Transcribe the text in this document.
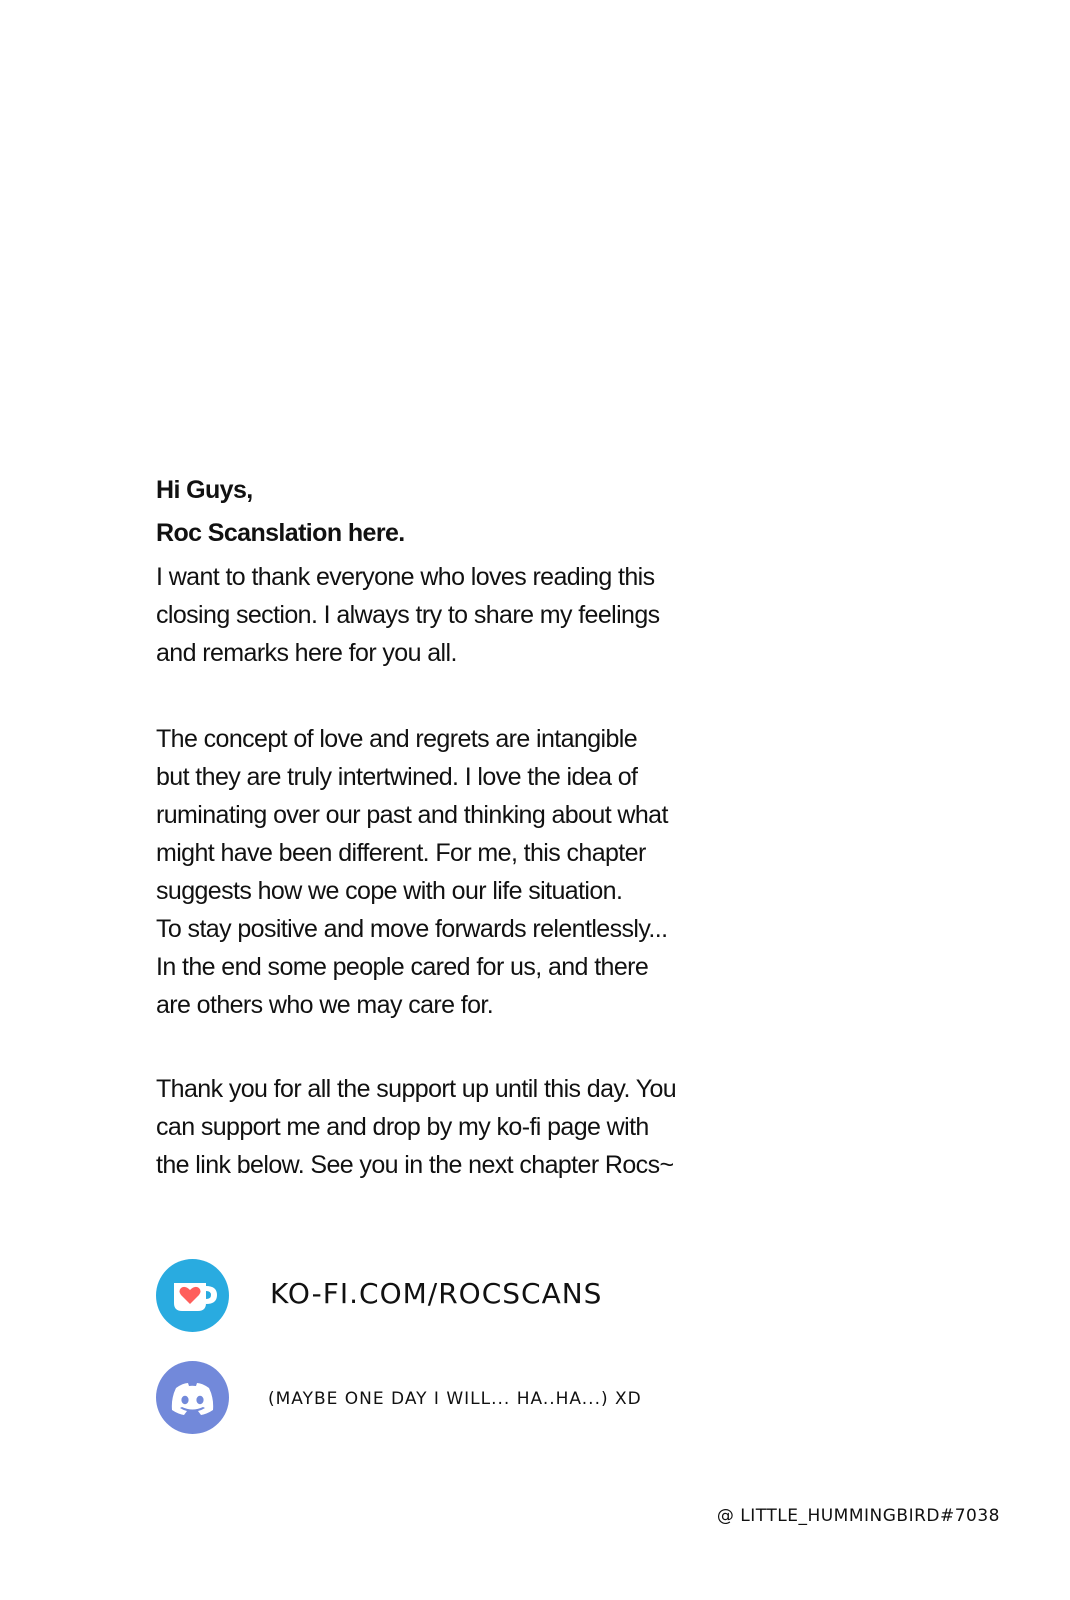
Hi Guys,

Roc Scanslation here.

I want to thank everyone who loves reading this
closing section. I always try to share my feelings
and remarks here for you all.

The concept of love and regrets are intangible
but they are truly intertwined. I love the idea of
ruminating over our past and thinking about what
might have been different. For me, this chapter
suggests how we cope with our life situation.
To stay positive and move forwards relentlessly...
In the end some people cared for us, and there
are others who we may care for.

Thank you for all the support up until this day. You
can support me and drop by my ko-fi page with
the link below. See you in the next chapter Rocs~

KO-FI.COM/ROCSCANS

(MAYBE ONE DAY I WILL... HA..HA...) XD

@ LITTLE_HUMMINGBIRD#7038
